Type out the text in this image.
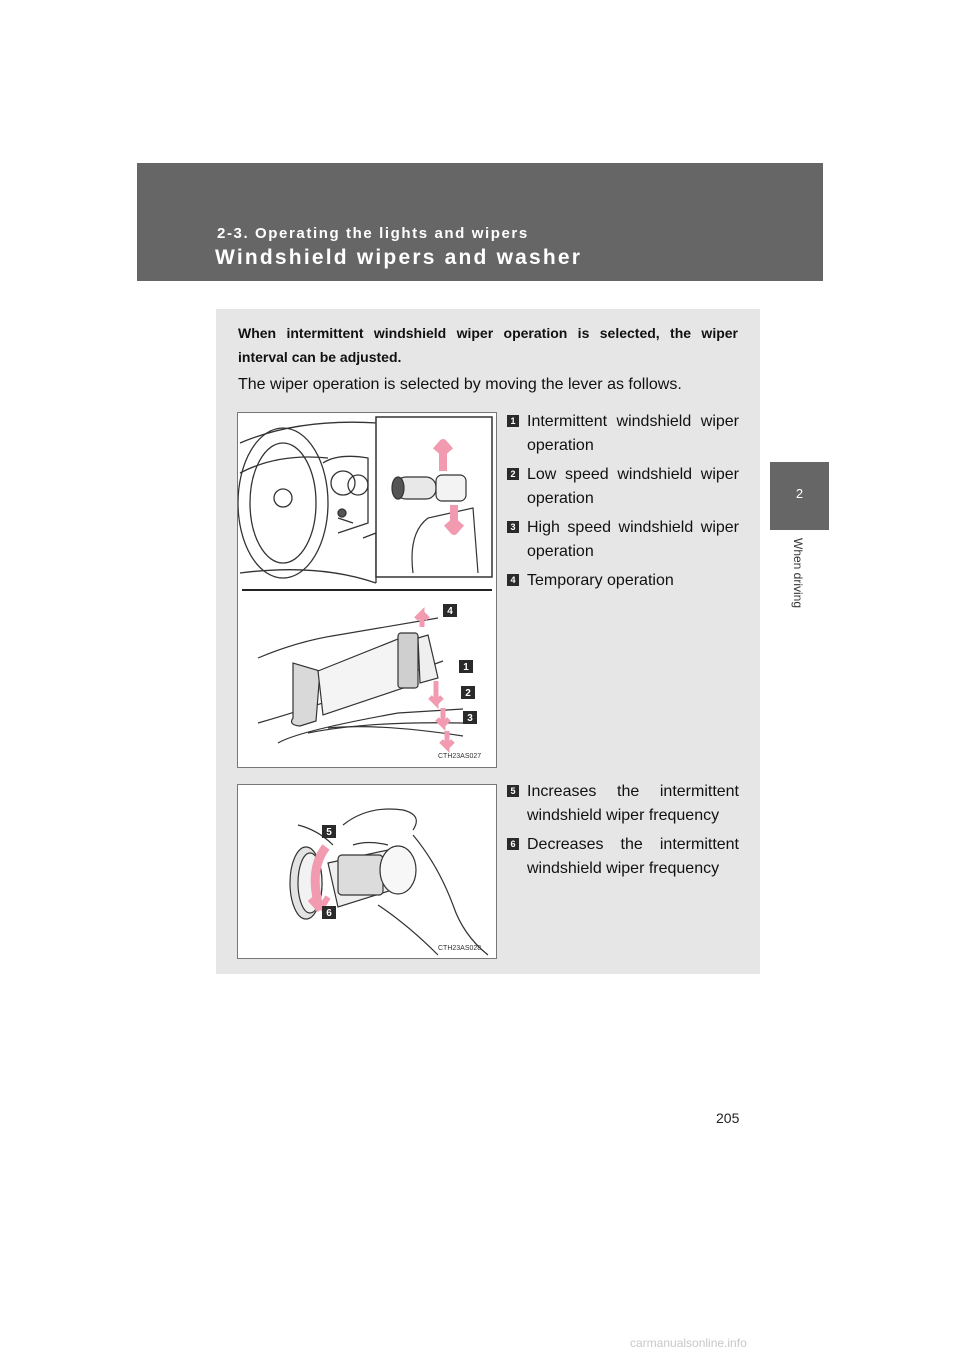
2-3. Operating the lights and wipers
Windshield wipers and washer
2
When driving
When intermittent windshield wiper operation is selected, the wiper interval can be adjusted.
The wiper operation is selected by moving the lever as follows.
4
1
2
3
CTH23AS027
1 Intermittent windshield wiper operation
2 Low speed windshield wiper operation
3 High speed windshield wiper operation
4 Temporary operation
5
6
CTH23AS028
5 Increases the intermittent windshield wiper frequency
6 Decreases the intermittent windshield wiper frequency
205
carmanualsonline.info
